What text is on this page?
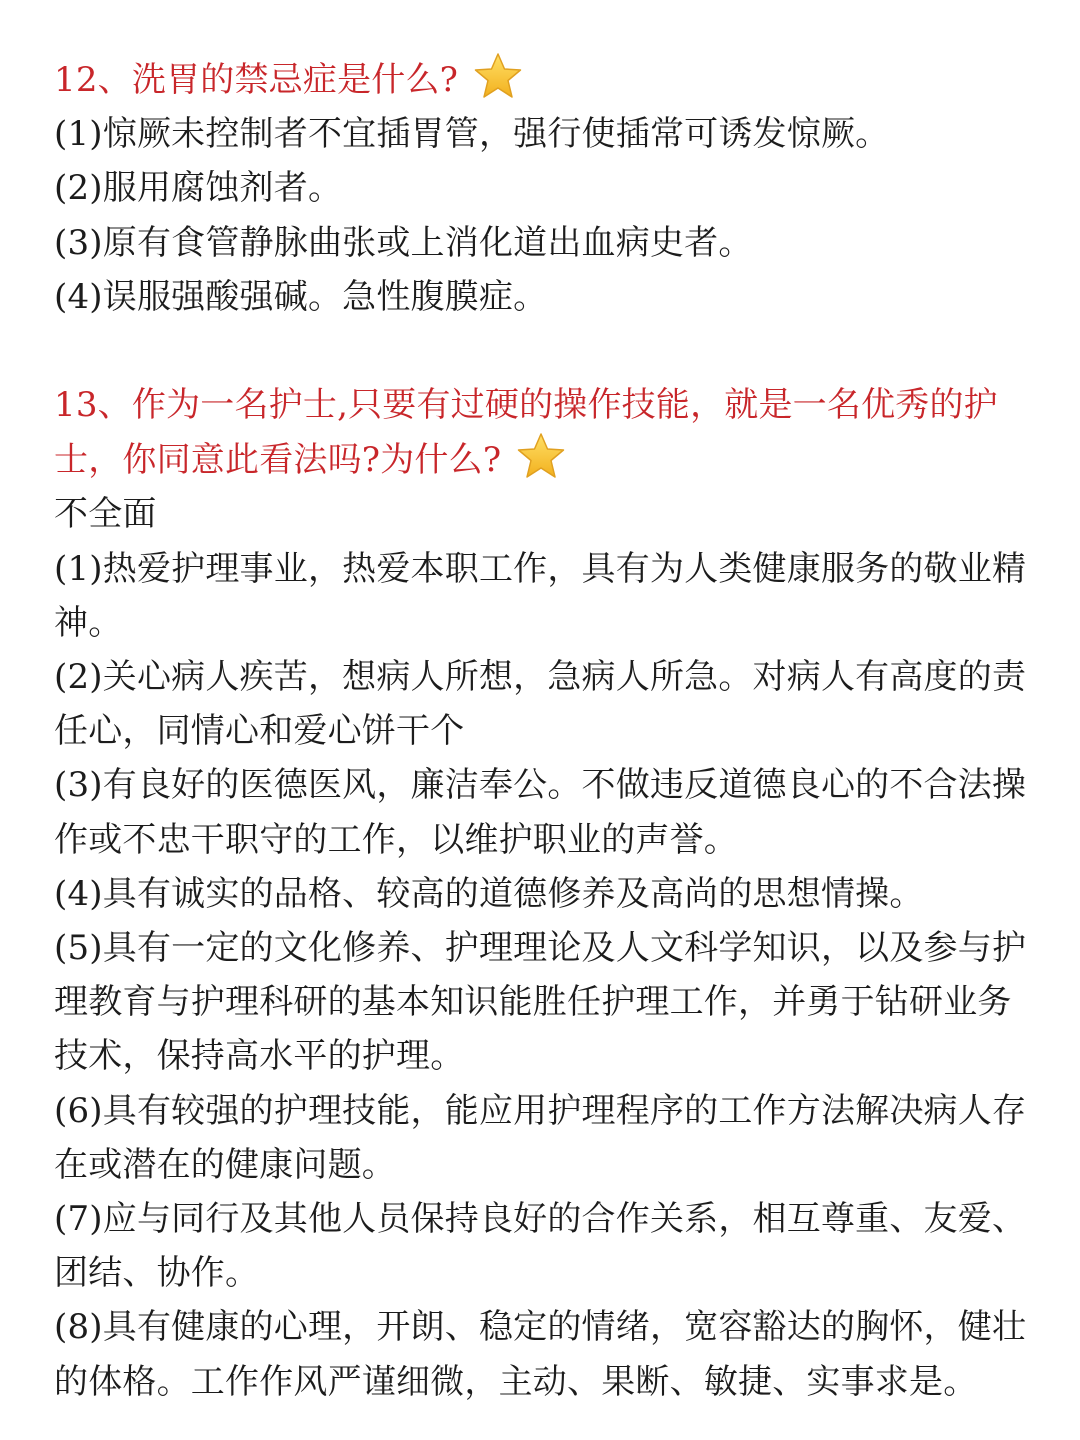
12、洗胃的禁忌症是什么?

(1)惊厥未控制者不宜插胃管，强行使插常可诱发惊厥。

(2)服用腐蚀剂者。

(3)原有食管静脉曲张或上消化道出血病史者。

(4)误服强酸强碱。急性腹膜症。

13、作为一名护士,只要有过硬的操作技能，就是一名优秀的护士，你同意此看法吗?为什么?

不全面

(1)热爱护理事业，热爱本职工作，具有为人类健康服务的敬业精神。

(2)关心病人疾苦，想病人所想，急病人所急。对病人有高度的责任心，同情心和爱心饼干个

(3)有良好的医德医风，廉洁奉公。不做违反道德良心的不合法操作或不忠干职守的工作，以维护职业的声誉。

(4)具有诚实的品格、较高的道德修养及高尚的思想情操。

(5)具有一定的文化修养、护理理论及人文科学知识，以及参与护理教育与护理科研的基本知识能胜任护理工作，并勇于钻研业务技术，保持高水平的护理。

(6)具有较强的护理技能，能应用护理程序的工作方法解决病人存在或潜在的健康问题。

(7)应与同行及其他人员保持良好的合作关系，相互尊重、友爱、团结、协作。

(8)具有健康的心理，开朗、稳定的情绪，宽容豁达的胸怀，健壮的体格。工作作风严谨细微，主动、果断、敏捷、实事求是。
